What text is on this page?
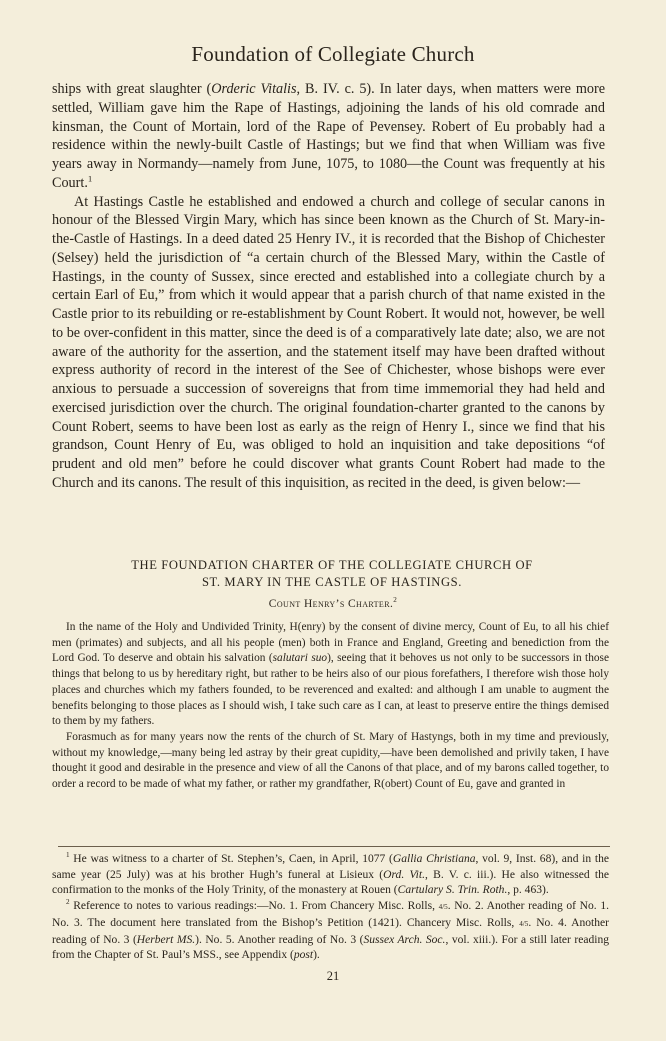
Foundation of Collegiate Church

ships with great slaughter (Orderic Vitalis, B. IV. c. 5). In later days, when matters were more settled, William gave him the Rape of Hastings, adjoining the lands of his old comrade and kinsman, the Count of Mortain, lord of the Rape of Pevensey. Robert of Eu probably had a residence within the newly-built Castle of Hastings; but we find that when William was five years away in Normandy—namely from June, 1075, to 1080—the Count was frequently at his Court.$^1$

At Hastings Castle he established and endowed a church and college of secular canons in honour of the Blessed Virgin Mary, which has since been known as the Church of St. Mary-in-the-Castle of Hastings. In a deed dated 25 Henry IV., it is recorded that the Bishop of Chichester (Selsey) held the jurisdiction of “a certain church of the Blessed Mary, within the Castle of Hastings, in the county of Sussex, since erected and established into a collegiate church by a certain Earl of Eu,” from which it would appear that a parish church of that name existed in the Castle prior to its rebuilding or re-establishment by Count Robert. It would not, however, be well to be over-confident in this matter, since the deed is of a comparatively late date; also, we are not aware of the authority for the assertion, and the statement itself may have been drafted without express authority of record in the interest of the See of Chichester, whose bishops were ever anxious to persuade a succession of sovereigns that from time immemorial they had held and exercised jurisdiction over the church. The original foundation-charter granted to the canons by Count Robert, seems to have been lost as early as the reign of Henry I., since we find that his grandson, Count Henry of Eu, was obliged to hold an inquisition and take depositions “of prudent and old men” before he could discover what grants Count Robert had made to the Church and its canons. The result of this inquisition, as recited in the deed, is given below:—

THE FOUNDATION CHARTER OF THE COLLEGIATE CHURCH OF
ST. MARY IN THE CASTLE OF HASTINGS.
Count Henry’s Charter.$^2$

In the name of the Holy and Undivided Trinity, H(enry) by the consent of divine mercy, Count of Eu, to all his chief men (primates) and subjects, and all his people (men) both in France and England, Greeting and benediction from the Lord God. To deserve and obtain his salvation (salutari suo), seeing that it behoves us not only to be successors in those things that belong to us by hereditary right, but rather to be heirs also of our pious forefathers, I therefore wish those holy places and churches which my fathers founded, to be reverenced and exalted: and although I am unable to augment the benefits belonging to those places as I should wish, I take such care as I can, at least to preserve entire the things demised to them by my fathers.

Forasmuch as for many years now the rents of the church of St. Mary of Hastyngs, both in my time and previously, without my knowledge,—many being led astray by their great cupidity,—have been demolished and privily taken, I have thought it good and desirable in the presence and view of all the Canons of that place, and of my barons called together, to order a record to be made of what my father, or rather my grandfather, R(obert) Count of Eu, gave and granted in

$^1$ He was witness to a charter of St. Stephen’s, Caen, in April, 1077 (Gallia Christiana, vol. 9, Inst. 68), and in the same year (25 July) was at his brother Hugh’s funeral at Lisieux (Ord. Vit., B. V. c. iii.). He also witnessed the confirmation to the monks of the Holy Trinity, of the monastery at Rouen (Cartulary S. Trin. Roth., p. 463).

$^2$ Reference to notes to various readings:—No. 1. From Chancery Misc. Rolls, 4/5. No. 2. Another reading of No. 1. No. 3. The document here translated from the Bishop’s Petition (1421). Chancery Misc. Rolls, 4/5. No. 4. Another reading of No. 3 (Herbert MS.). No. 5. Another reading of No. 3 (Sussex Arch. Soc., vol. xiii.). For a still later reading from the Chapter of St. Paul’s MSS., see Appendix (post).

21
